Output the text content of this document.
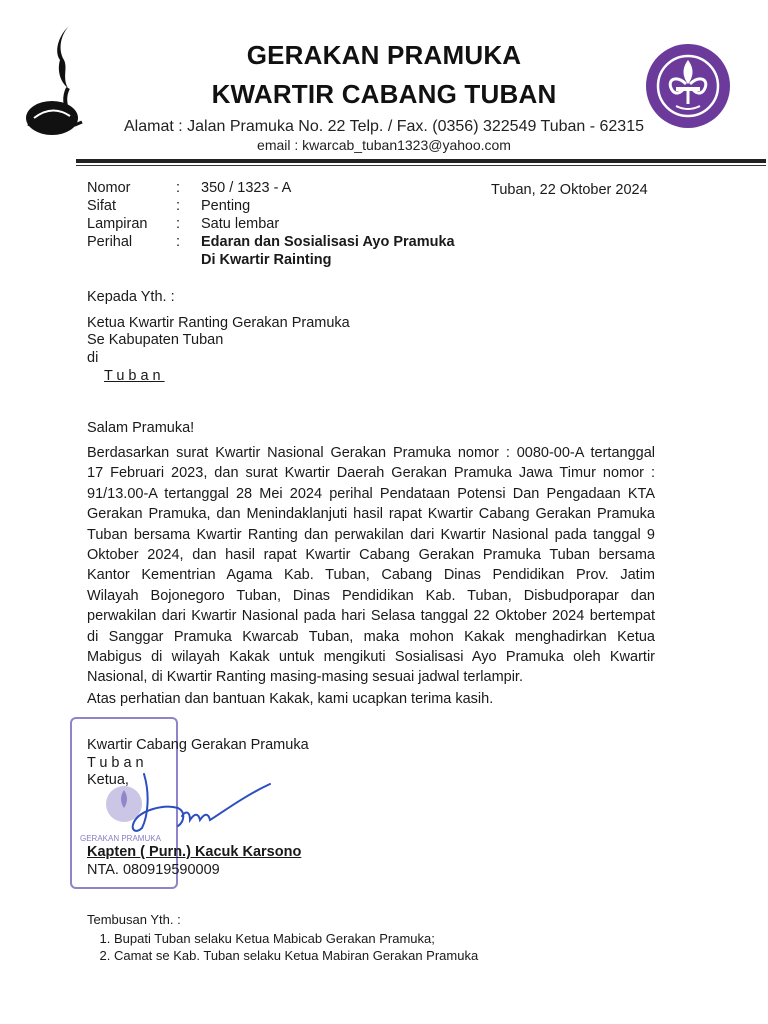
GERAKAN PRAMUKA
KWARTIR CABANG TUBAN
Alamat : Jalan Pramuka No. 22 Telp. / Fax. (0356) 322549 Tuban - 62315
email : kwarcab_tuban1323@yahoo.com
Nomor	: 350 / 1323 - A	Tuban, 22 Oktober 2024
Sifat	: Penting
Lampiran : Satu lembar
Perihal	: Edaran dan Sosialisasi Ayo Pramuka
Di Kwartir Rainting
Kepada Yth. :
Ketua Kwartir Ranting Gerakan Pramuka
Se Kabupaten Tuban
di
Tuban
Salam Pramuka!
Berdasarkan surat Kwartir Nasional Gerakan Pramuka nomor : 0080-00-A tertanggal
17 Februari 2023, dan surat Kwartir Daerah Gerakan Pramuka Jawa Timur nomor :
91/13.00-A tertanggal 28 Mei 2024 perihal Pendataan Potensi Dan Pengadaan KTA
Gerakan Pramuka, dan Menindaklanjuti hasil rapat Kwartir Cabang Gerakan Pramuka
Tuban bersama Kwartir Ranting dan perwakilan dari Kwartir Nasional pada tanggal 9
Oktober 2024, dan hasil rapat Kwartir Cabang Gerakan Pramuka Tuban bersama
Kantor Kementrian Agama Kab. Tuban, Cabang Dinas Pendidikan Prov. Jatim
Wilayah Bojonegoro Tuban, Dinas Pendidikan Kab. Tuban, Disbudporapar dan
perwakilan dari Kwartir Nasional pada hari Selasa tanggal 22 Oktober 2024 bertempat
di Sanggar Pramuka Kwarcab Tuban, maka mohon Kakak menghadirkan Ketua
Mabigus di wilayah Kakak untuk mengikuti Sosialisasi Ayo Pramuka oleh Kwartir
Nasional, di Kwartir Ranting masing-masing sesuai jadwal terlampir.
Atas perhatian dan bantuan Kakak, kami ucapkan terima kasih.
GERAKAN PRAMUKA
Kwartir Cabang Gerakan Pramuka
Tuban
Ketua,
Kapten ( Purn.) Kacuk Karsono
NTA. 080919590009
Tembusan Yth. :
1. Bupati Tuban selaku Ketua Mabicab Gerakan Pramuka;
2. Camat se Kab. Tuban selaku Ketua Mabiran Gerakan Pramuka
